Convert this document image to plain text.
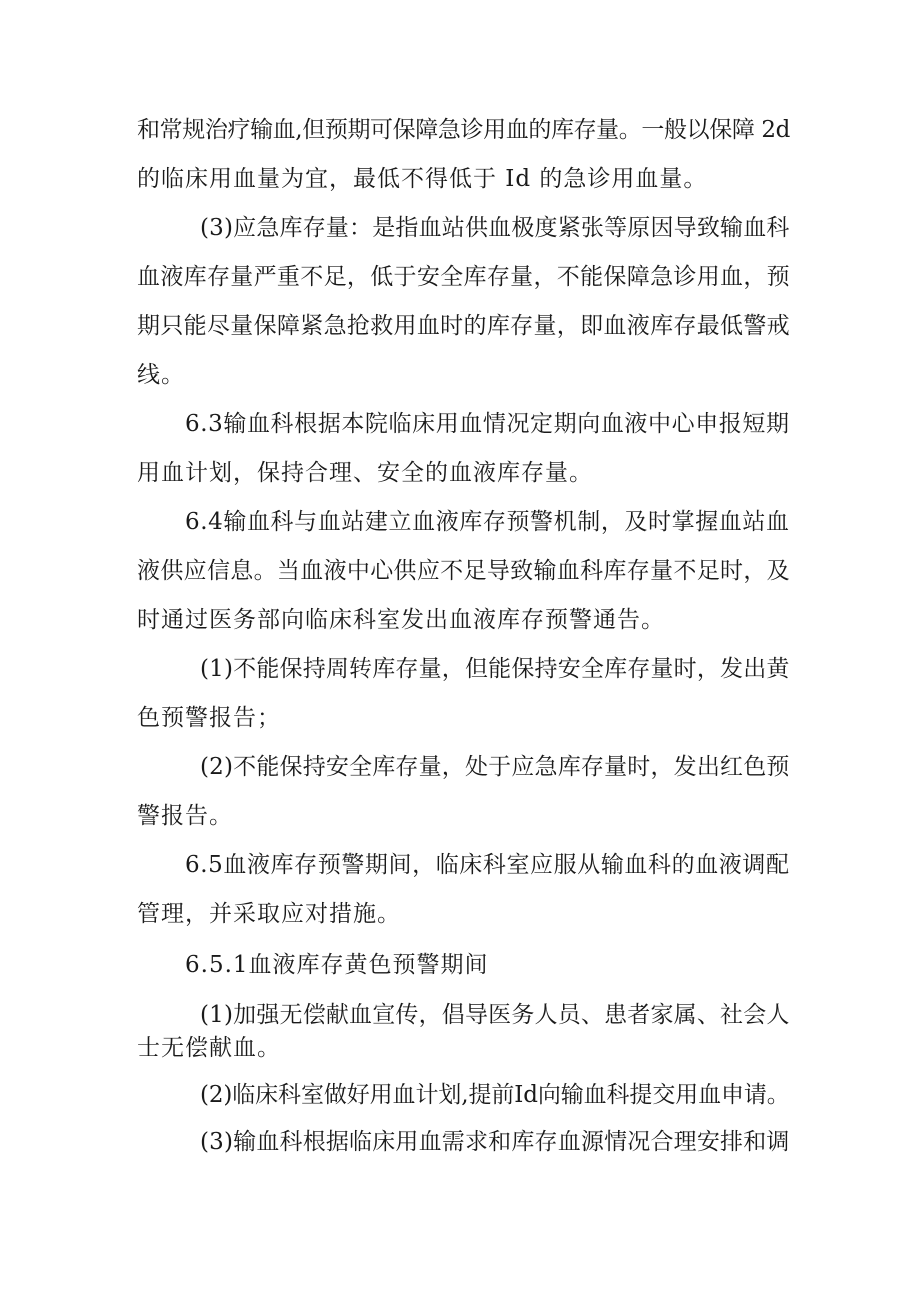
和常规治疗输血,但预期可保障急诊用血的库存量。一般以保障 2d
的临床用血量为宜，最低不得低于 Id 的急诊用血量。
(3)应急库存量：是指血站供血极度紧张等原因导致输血科
血液库存量严重不足，低于安全库存量，不能保障急诊用血，预
期只能尽量保障紧急抢救用血时的库存量，即血液库存最低警戒
线。
6.3输血科根据本院临床用血情况定期向血液中心申报短期
用血计划，保持合理、安全的血液库存量。
6.4输血科与血站建立血液库存预警机制，及时掌握血站血
液供应信息。当血液中心供应不足导致输血科库存量不足时，及
时通过医务部向临床科室发出血液库存预警通告。
(1)不能保持周转库存量，但能保持安全库存量时，发出黄
色预警报告；
(2)不能保持安全库存量，处于应急库存量时，发出红色预
警报告。
6.5血液库存预警期间，临床科室应服从输血科的血液调配
管理，并采取应对措施。
6.5.1血液库存黄色预警期间
(1)加强无偿献血宣传，倡导医务人员、患者家属、社会人
士无偿献血。
(2)临床科室做好用血计划,提前Id向输血科提交用血申请。
(3)输血科根据临床用血需求和库存血源情况合理安排和调
